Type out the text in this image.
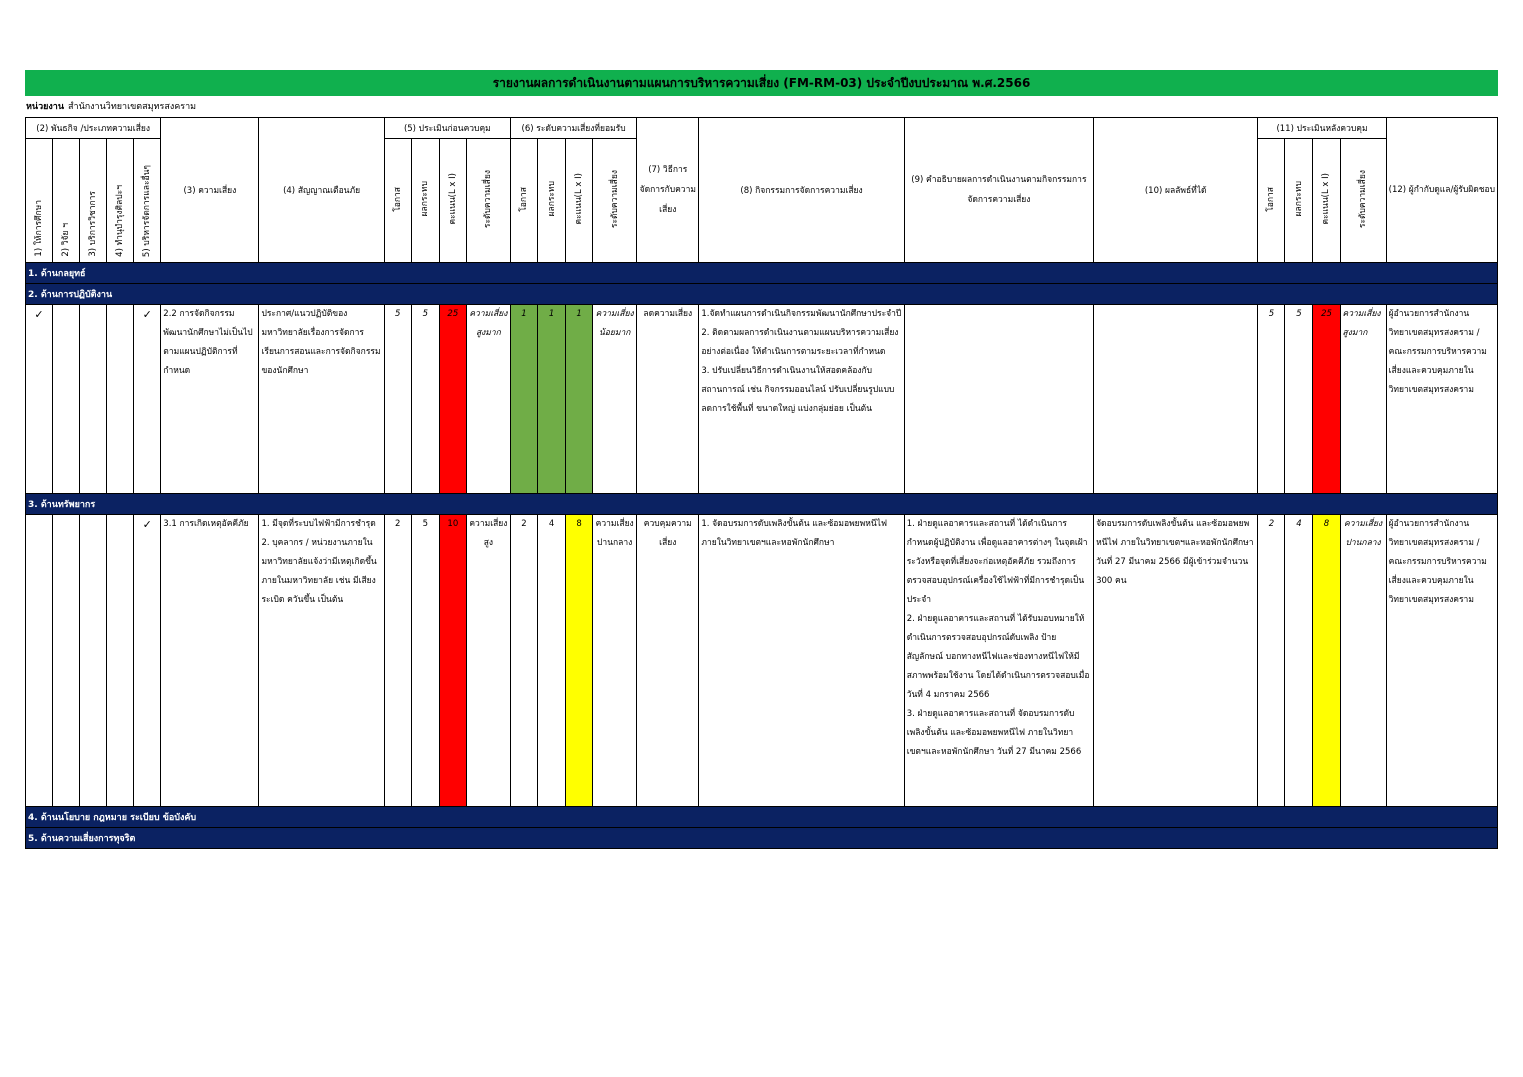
รายงานผลการดำเนินงานตามแผนการบริหารความเสี่ยง (FM-RM-03) ประจำปีงบประมาณ พ.ศ.2566
หน่วยงาน สำนักงานวิทยาเขตสมุทรสงคราม
(2) พันธกิจ /ประเภทความเสี่ยง					(3) ความเสี่ยง	(4) สัญญาณเตือนภัย	(5) ประเมินก่อนควบคุม				(6) ระดับความเสี่ยงที่ยอมรับ				(7) วิธีการจัดการกับความเสี่ยง	(8) กิจกรรมการจัดการความเสี่ยง	(9) คำอธิบายผลการดำเนินงานตามกิจกรรมการจัดการความเสี่ยง	(10) ผลลัพธ์ที่ได้	(11) ประเมินหลังควบคุม				(12) ผู้กำกับดูแล/ผู้รับผิดชอบ
1) ให้การศึกษา	2) วิจัย ฯ	3) บริการวิชาการ	4) ทำนุบำรุงศิลปะฯ	5) บริหารจัดการและอื่นๆ			โอกาส	ผลกระทบ	คะแนน(L x I)	ระดับความเสี่ยง	โอกาส	ผลกระทบ	คะแนน(L x I)	ระดับความเสี่ยง					โอกาส	ผลกระทบ	คะแนน(L x I)	ระดับความเสี่ยง	
1. ด้านกลยุทธ์																							
2. ด้านการปฏิบัติงาน																							
✓				✓	2.2 การจัดกิจกรรมพัฒนานักศึกษาไม่เป็นไปตามแผนปฏิบัติการที่กำหนด	ประกาศ/แนวปฏิบัติของมหาวิทยาลัยเรื่องการจัดการเรียนการสอนและการจัดกิจกรรมของนักศึกษา	5	5	25	ความเสี่ยงสูงมาก	1	1	1	ความเสี่ยงน้อยมาก	ลดความเสี่ยง	1.จัดทำแผนการดำเนินกิจกรรมพัฒนานักศึกษาประจำปี
2. ติดตามผลการดำเนินงานตามแผนบริหารความเสี่ยงอย่างต่อเนื่อง ให้ดำเนินการตามระยะเวลาที่กำหนด
3. ปรับเปลี่ยนวิธีการดำเนินงานให้สอดคล้องกับสถานการณ์ เช่น กิจกรรมออนไลน์ ปรับเปลี่ยนรูปแบบลดการใช้พื้นที่ ขนาดใหญ่ แบ่งกลุ่มย่อย เป็นต้น			5	5	25	ความเสี่ยงสูงมาก	ผู้อำนวยการสำนักงานวิทยาเขตสมุทรสงคราม / คณะกรรมการบริหารความเสี่ยงและควบคุมภายในวิทยาเขตสมุทรสงคราม
3. ด้านทรัพยากร																							
				✓	3.1 การเกิดเหตุอัคคีภัย	1. มีจุดที่ระบบไฟฟ้ามีการชำรุด
2. บุคลากร / หน่วยงานภายในมหาวิทยาลัยแจ้งว่ามีเหตุเกิดขึ้นภายในมหาวิทยาลัย เช่น มีเสียงระเบิด ควันขึ้น เป็นต้น	2	5	10	ความเสี่ยงสูง	2	4	8	ความเสี่ยงปานกลาง	ควบคุมความเสี่ยง	1. จัดอบรมการดับเพลิงขั้นต้น และซ้อมอพยพหนีไฟ ภายในวิทยาเขตฯและหอพักนักศึกษา	1. ฝ่ายดูแลอาคารและสถานที่ ได้ดำเนินการกำหนดผู้ปฏิบัติงาน เพื่อดูแลอาคารต่างๆ ในจุดเฝ้าระวังหรือจุดที่เสี่ยงจะก่อเหตุอัคคีภัย รวมถึงการตรวจสอบอุปกรณ์เครื่องใช้ไฟฟ้าที่มีการชำรุดเป็นประจำ
2. ฝ่ายดูแลอาคารและสถานที่ ได้รับมอบหมายให้ดำเนินการตรวจสอบอุปกรณ์ดับเพลิง ป้ายสัญลักษณ์ บอกทางหนีไฟและช่องทางหนีไฟให้มีสภาพพร้อมใช้งาน โดยได้ดำเนินการตรวจสอบเมื่อวันที่ 4 มกราคม 2566
3. ฝ่ายดูแลอาคารและสถานที่ จัดอบรมการดับเพลิงขั้นต้น และซ้อมอพยพหนีไฟ ภายในวิทยาเขตฯและหอพักนักศึกษา วันที่ 27 มีนาคม 2566	จัดอบรมการดับเพลิงขั้นต้น และซ้อมอพยพหนีไฟ ภายในวิทยาเขตฯและหอพักนักศึกษา วันที่ 27 มีนาคม 2566 มีผู้เข้าร่วมจำนวน 300 คน	2	4	8	ความเสี่ยงปานกลาง	ผู้อำนวยการสำนักงานวิทยาเขตสมุทรสงคราม / คณะกรรมการบริหารความเสี่ยงและควบคุมภายในวิทยาเขตสมุทรสงคราม
4. ด้านนโยบาย กฎหมาย ระเบียบ ข้อบังคับ																							
5. ด้านความเสี่ยงการทุจริต																							
